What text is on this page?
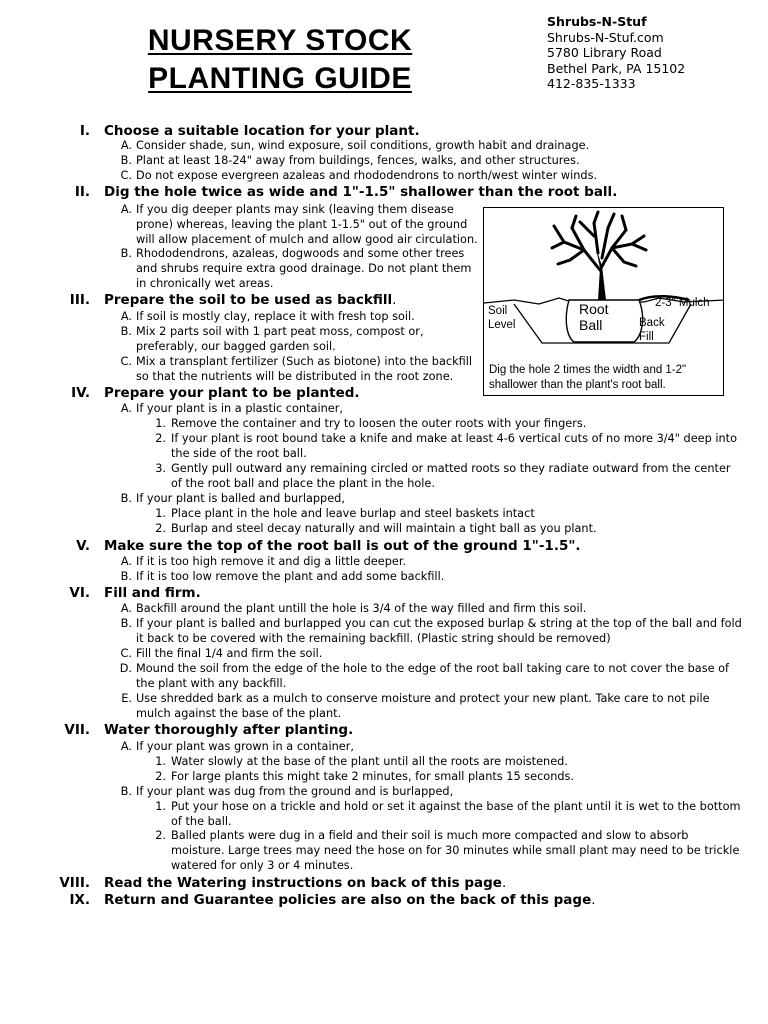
NURSERY STOCK
PLANTING GUIDE
Shrubs-N-Stuf
Shrubs-N-Stuf.com
5780 Library Road
Bethel Park, PA 15102
412-835-1333
Soil
Level
Root
Ball
2-3" Mulch
Back
Fill
Dig the hole 2 times the width and 1-2"
shallower than the plant's root ball.
I. Choose a suitable location for your plant.
A. Consider shade, sun, wind exposure, soil conditions, growth habit and drainage.
B. Plant at least 18-24" away from buildings, fences, walks, and other structures.
C. Do not expose evergreen azaleas and rhododendrons to north/west winter winds.
II. Dig the hole twice as wide and 1"-1.5" shallower than the root ball.
A. If you dig deeper plants may sink (leaving them disease
prone) whereas, leaving the plant 1-1.5" out of the ground
will allow placement of mulch and allow good air circulation.
B. Rhododendrons, azaleas, dogwoods and some other trees
and shrubs require extra good drainage. Do not plant them
in chronically wet areas.
III. Prepare the soil to be used as backfill.
A. If soil is mostly clay, replace it with fresh top soil.
B. Mix 2 parts soil with 1 part peat moss, compost or,
preferably, our bagged garden soil.
C. Mix a transplant fertilizer (Such as biotone) into the backfill
so that the nutrients will be distributed in the root zone.
IV. Prepare your plant to be planted.
A. If your plant is in a plastic container,
1. Remove the container and try to loosen the outer roots with your fingers.
2. If your plant is root bound take a knife and make at least 4-6 vertical cuts of no more 3/4" deep into
the side of the root ball.
3. Gently pull outward any remaining circled or matted roots so they radiate outward from the center
of the root ball and place the plant in the hole.
B. If your plant is balled and burlapped,
1. Place plant in the hole and leave burlap and steel baskets intact
2. Burlap and steel decay naturally and will maintain a tight ball as you plant.
V. Make sure the top of the root ball is out of the ground 1"-1.5".
A. If it is too high remove it and dig a little deeper.
B. If it is too low remove the plant and add some backfill.
VI. Fill and firm.
A. Backfill around the plant untill the hole is 3/4 of the way filled and firm this soil.
B. If your plant is balled and burlapped you can cut the exposed burlap & string at the top of the ball and fold
it back to be covered with the remaining backfill. (Plastic string should be removed)
C. Fill the final 1/4 and firm the soil.
D. Mound the soil from the edge of the hole to the edge of the root ball taking care to not cover the base of
the plant with any backfill.
E. Use shredded bark as a mulch to conserve moisture and protect your new plant. Take care to not pile
mulch against the base of the plant.
VII. Water thoroughly after planting.
A. If your plant was grown in a container,
1. Water slowly at the base of the plant until all the roots are moistened.
2. For large plants this might take 2 minutes, for small plants 15 seconds.
B. If your plant was dug from the ground and is burlapped,
1. Put your hose on a trickle and hold or set it against the base of the plant until it is wet to the bottom
of the ball.
2. Balled plants were dug in a field and their soil is much more compacted and slow to absorb
moisture. Large trees may need the hose on for 30 minutes while small plant may need to be trickle
watered for only 3 or 4 minutes.
VIII. Read the Watering instructions on back of this page.
IX. Return and Guarantee policies are also on the back of this page.
